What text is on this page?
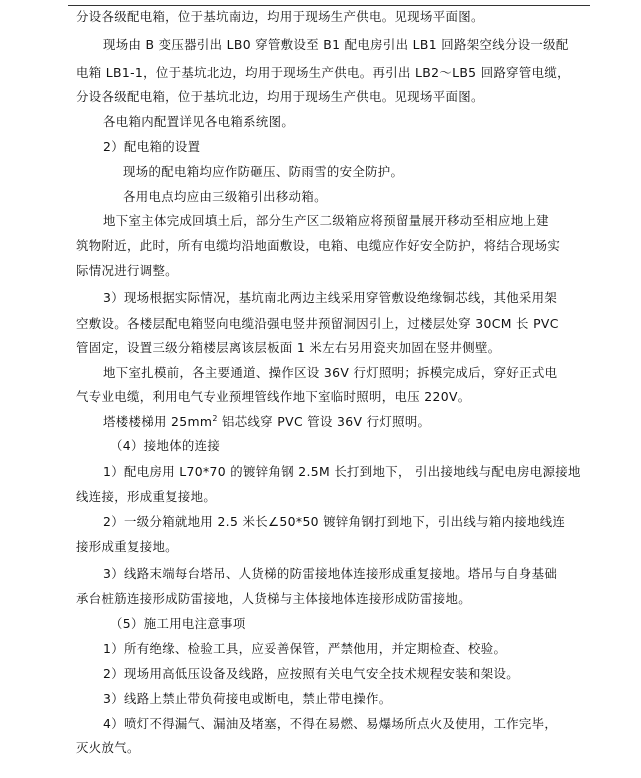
分设各级配电箱，位于基坑南边，均用于现场生产供电。见现场平面图。
现场由 B 变压器引出 LB0 穿管敷设至 B1 配电房引出 LB1 回路架空线分设一级配
电箱 LB1-1，位于基坑北边，均用于现场生产供电。再引出 LB2～LB5 回路穿管电缆，
分设各级配电箱，位于基坑北边，均用于现场生产供电。见现场平面图。
各电箱内配置详见各电箱系统图。
2）配电箱的设置
现场的配电箱均应作防砸压、防雨雪的安全防护。
各用电点均应由三级箱引出移动箱。
地下室主体完成回填土后，部分生产区二级箱应将预留量展开移动至相应地上建
筑物附近，此时，所有电缆均沿地面敷设，电箱、电缆应作好安全防护，将结合现场实
际情况进行调整。
3）现场根据实际情况，基坑南北两边主线采用穿管敷设绝缘铜芯线，其他采用架
空敷设。各楼层配电箱竖向电缆沿强电竖井预留洞因引上，过楼层处穿 30CM 长 PVC
管固定，设置三级分箱楼层离该层板面 1 米左右另用瓷夹加固在竖井侧壁。
地下室扎模前，各主要通道、操作区设 36V 行灯照明；拆模完成后，穿好正式电
气专业电缆，利用电气专业预埋管线作地下室临时照明，电压 220V。
塔楼楼梯用 $25mm^2$ 铝芯线穿 PVC 管设 36V 行灯照明。
（4）接地体的连接
1）配电房用 L70*70 的镀锌角钢 2.5M 长打到地下， 引出接地线与配电房电源接地
线连接，形成重复接地。
2）一级分箱就地用 2.5 米长∠50*50 镀锌角钢打到地下，引出线与箱内接地线连
接形成重复接地。
3）线路末端每台塔吊、人货梯的防雷接地体连接形成重复接地。塔吊与自身基础
承台桩筋连接形成防雷接地，人货梯与主体接地体连接形成防雷接地。
（5）施工用电注意事项
1）所有绝缘、检验工具，应妥善保管，严禁他用，并定期检查、校验。
2）现场用高低压设备及线路，应按照有关电气安全技术规程安装和架设。
3）线路上禁止带负荷接电或断电，禁止带电操作。
4）喷灯不得漏气、漏油及堵塞，不得在易燃、易爆场所点火及使用，工作完毕，
灭火放气。
